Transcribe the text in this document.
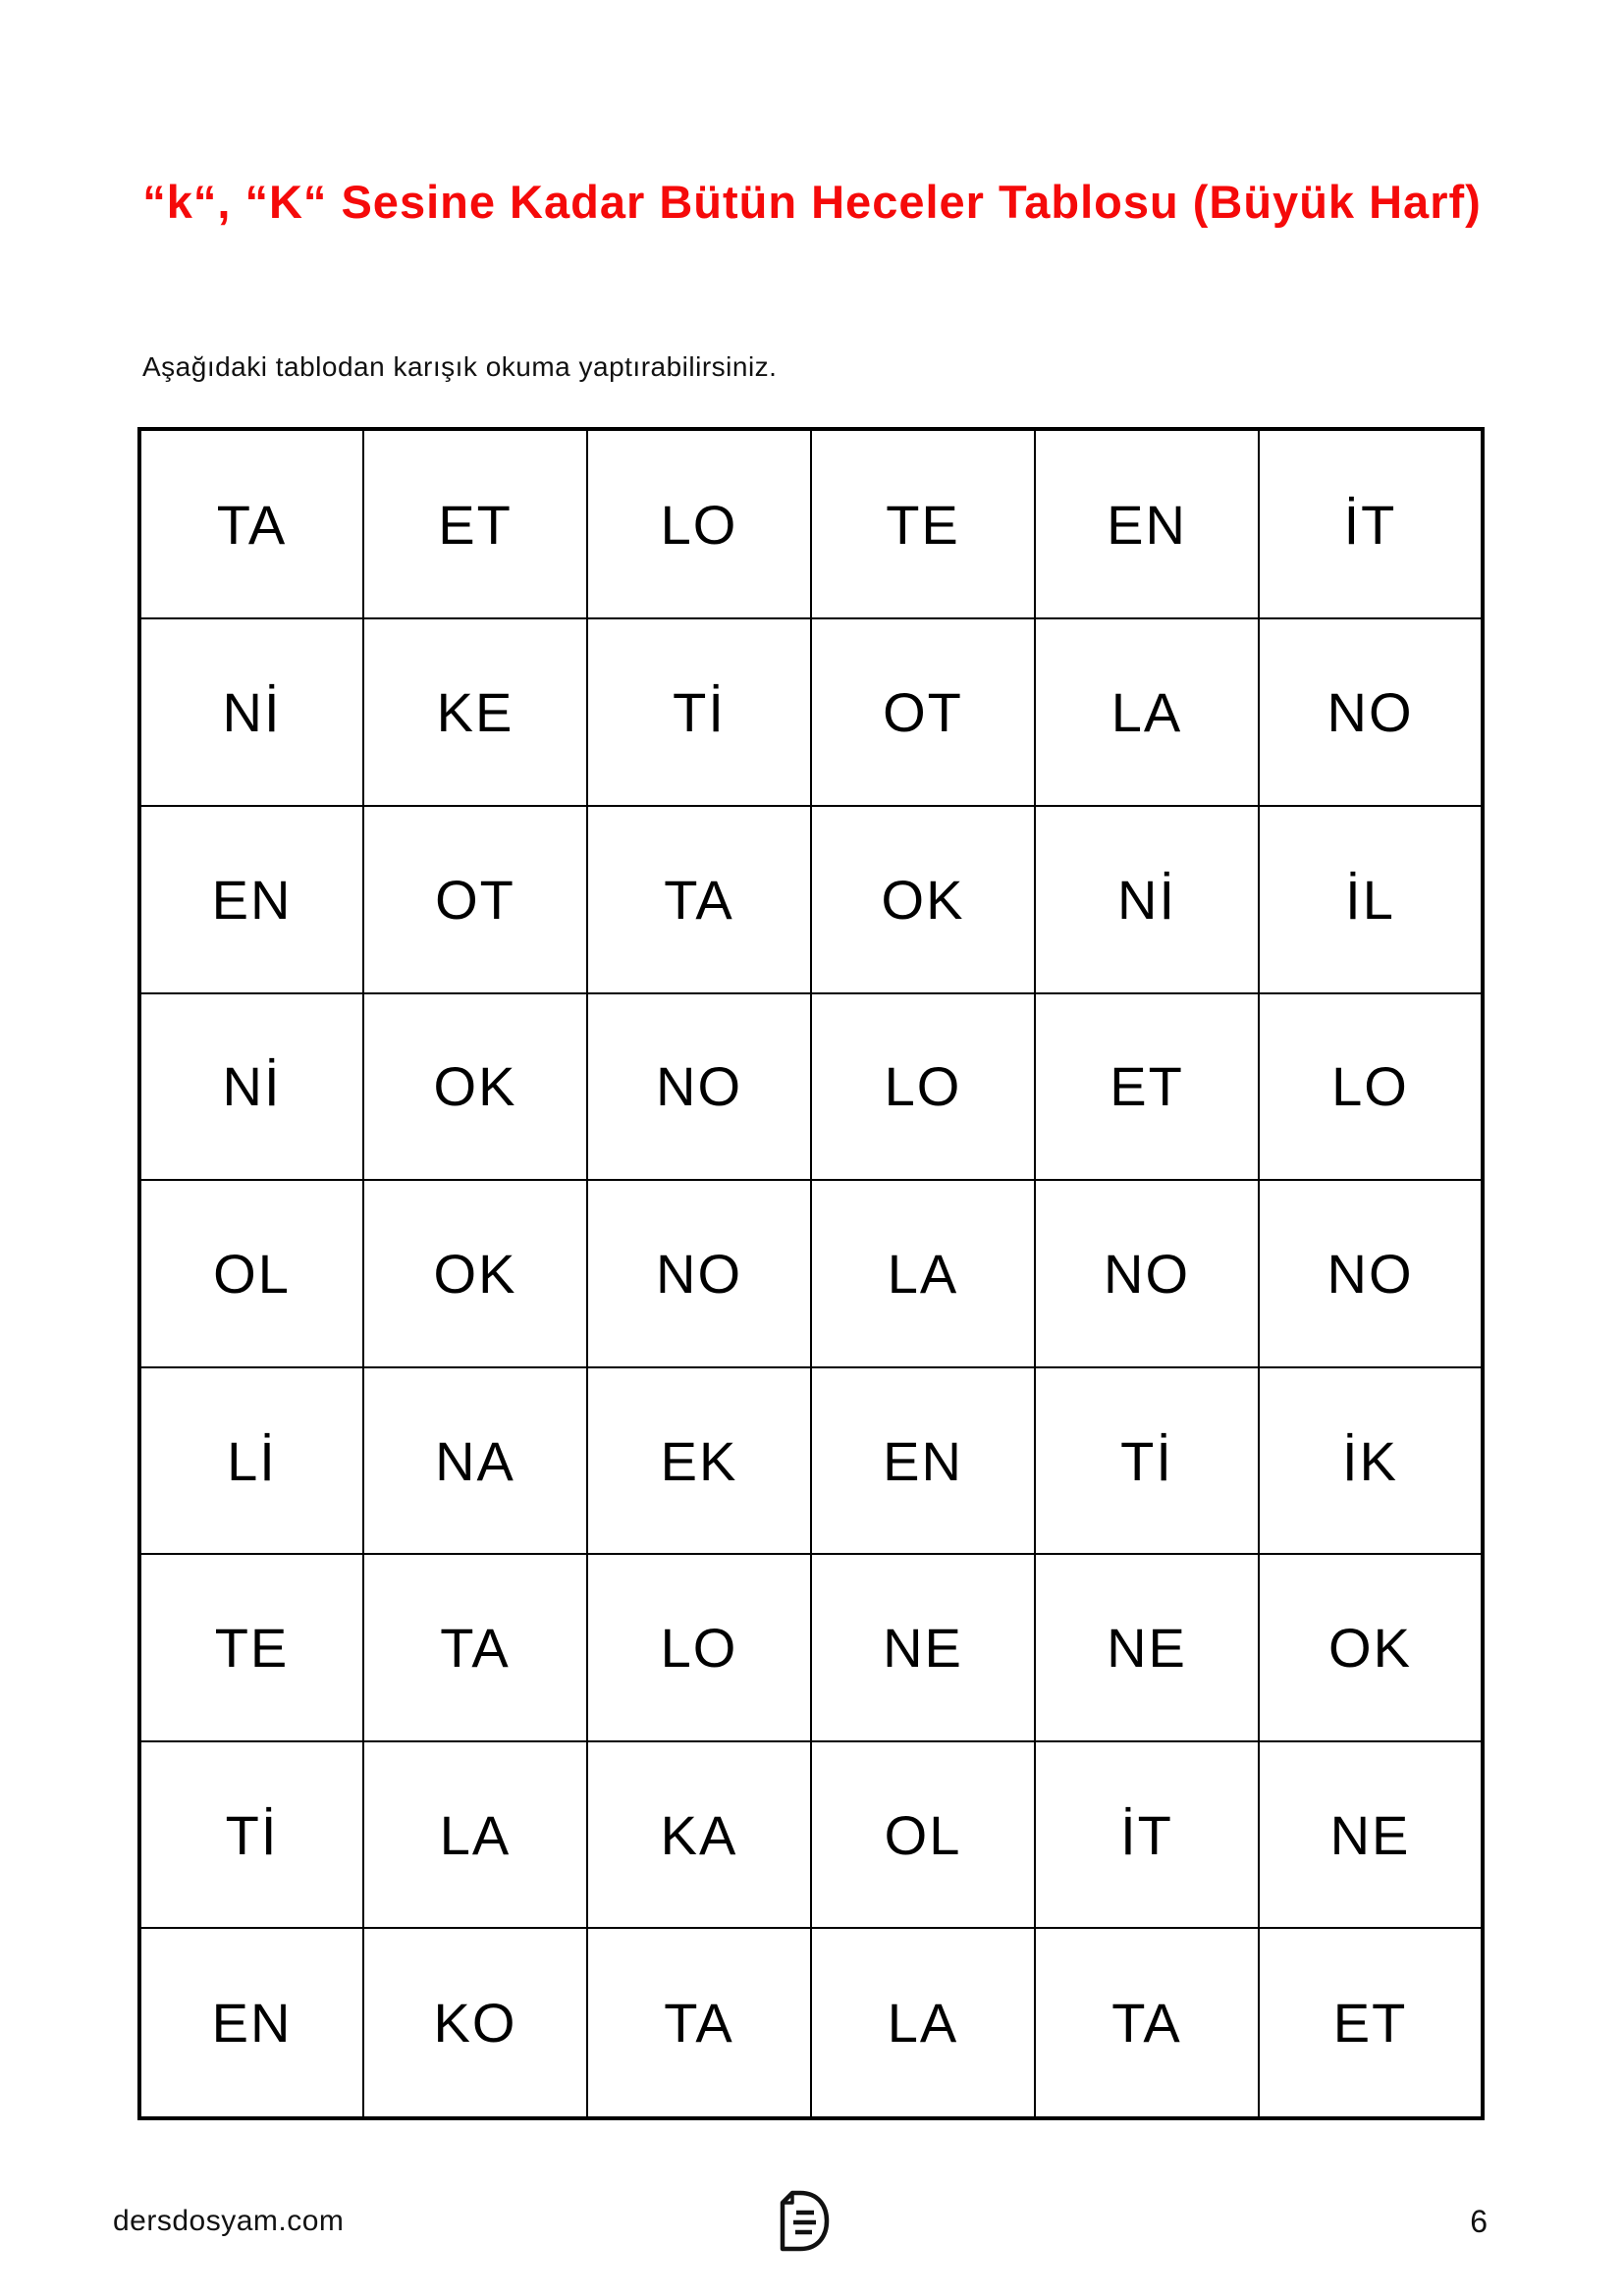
“k“, “K“ Sesine Kadar Bütün Heceler Tablosu (Büyük Harf)

Aşağıdaki tablodan karışık okuma yaptırabilirsiniz.

TA	ET	LO	TE	EN	İT
Nİ	KE	Tİ	OT	LA	NO
EN	OT	TA	OK	Nİ	İL
Nİ	OK	NO	LO	ET	LO
OL	OK	NO	LA	NO	NO
Lİ	NA	EK	EN	Tİ	İK
TE	TA	LO	NE	NE	OK
Tİ	LA	KA	OL	İT	NE
EN	KO	TA	LA	TA	ET
dersdosyam.com	6
